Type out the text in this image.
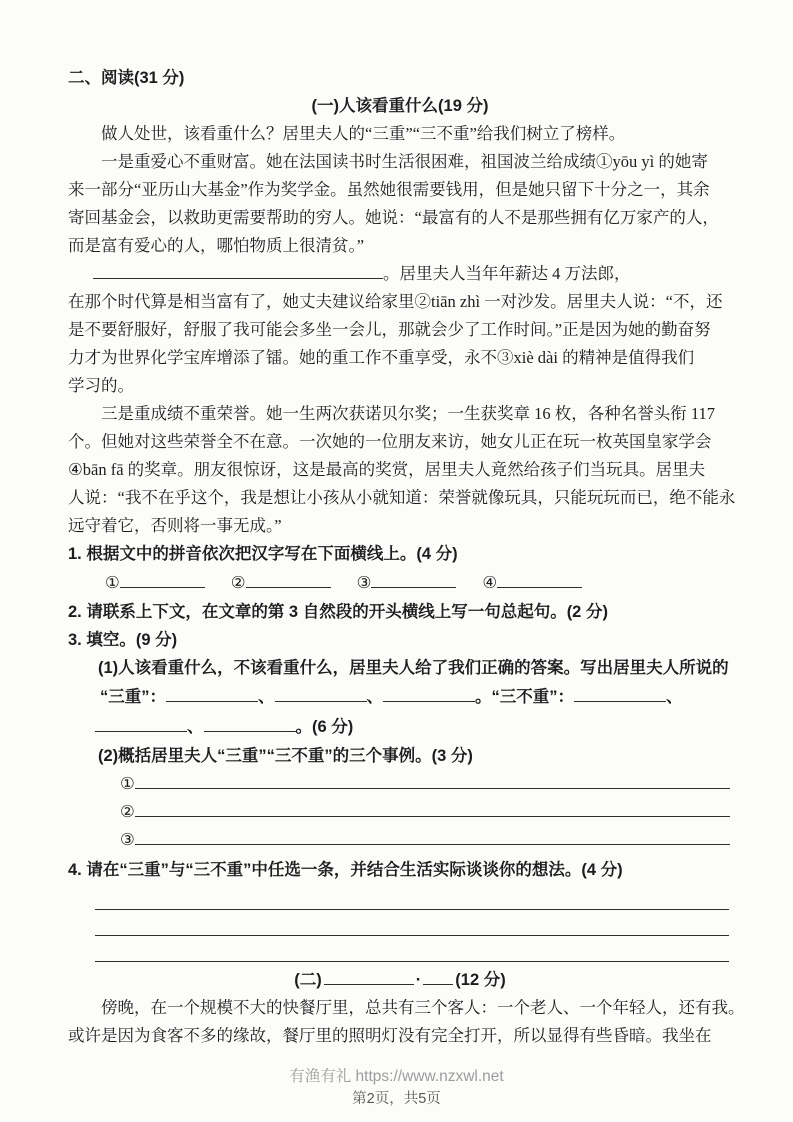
二、阅读(31 分)
(一)人该看重什么(19 分)
做人处世，该看重什么？居里夫人的“三重”“三不重”给我们树立了榜样。
一是重爱心不重财富。她在法国读书时生活很困难，祖国波兰给成绩①yōu yì 的她寄
来一部分“亚历山大基金”作为奖学金。虽然她很需要钱用，但是她只留下十分之一，其余
寄回基金会，以救助更需要帮助的穷人。她说：“最富有的人不是那些拥有亿万家产的人，
而是富有爱心的人，哪怕物质上很清贫。”
。居里夫人当年年薪达 4 万法郎，
在那个时代算是相当富有了，她丈夫建议给家里②tiān zhì 一对沙发。居里夫人说：“不，还
是不要舒服好，舒服了我可能会多坐一会儿，那就会少了工作时间。”正是因为她的勤奋努
力才为世界化学宝库增添了镭。她的重工作不重享受，永不③xiè dài 的精神是值得我们
学习的。
三是重成绩不重荣誉。她一生两次获诺贝尔奖；一生获奖章 16 枚，各种名誉头衔 117
个。但她对这些荣誉全不在意。一次她的一位朋友来访，她女儿正在玩一枚英国皇家学会
④bān fā 的奖章。朋友很惊讶，这是最高的奖赏，居里夫人竟然给孩子们当玩具。居里夫
人说：“我不在乎这个，我是想让小孩从小就知道：荣誉就像玩具，只能玩玩而已，绝不能永
远守着它，否则将一事无成。”
1. 根据文中的拼音依次把汉字写在下面横线上。(4 分)
①	②	③	④
2. 请联系上下文，在文章的第 3 自然段的开头横线上写一句总起句。(2 分)
3. 填空。(9 分)
(1)人该看重什么，不该看重什么，居里夫人给了我们正确的答案。写出居里夫人所说的
“三重”：	、	、	。“三不重”：	、
、	。(6 分)
(2)概括居里夫人“三重”“三不重”的三个事例。(3 分)
①
②
③
4. 请在“三重”与“三不重”中任选一条，并结合生活实际谈谈你的想法。(4 分)
(二)	· (12 分)
傍晚，在一个规模不大的快餐厅里，总共有三个客人：一个老人、一个年轻人，还有我。
或许是因为食客不多的缘故，餐厅里的照明灯没有完全打开，所以显得有些昏暗。我坐在
有渔有礼 https://www.nzxwl.net
第2页，共5页
